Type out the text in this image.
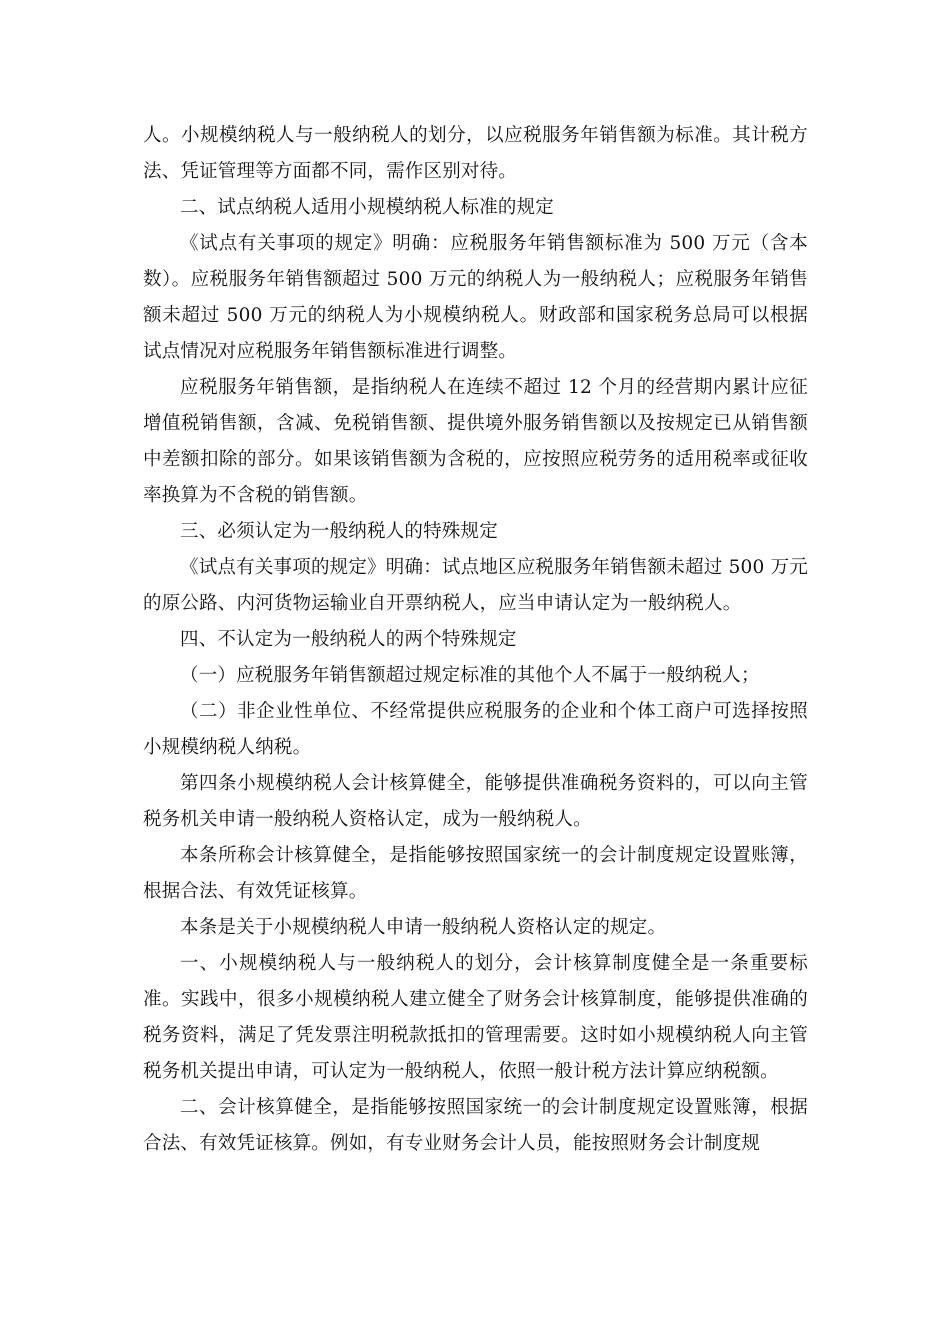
人。小规模纳税人与一般纳税人的划分，以应税服务年销售额为标准。其计税方法、凭证管理等方面都不同，需作区别对待。

二、试点纳税人适用小规模纳税人标准的规定

《试点有关事项的规定》明确：应税服务年销售额标准为 500 万元（含本数）。应税服务年销售额超过 500 万元的纳税人为一般纳税人；应税服务年销售额未超过 500 万元的纳税人为小规模纳税人。财政部和国家税务总局可以根据试点情况对应税服务年销售额标准进行调整。

应税服务年销售额，是指纳税人在连续不超过 12 个月的经营期内累计应征增值税销售额，含减、免税销售额、提供境外服务销售额以及按规定已从销售额中差额扣除的部分。如果该销售额为含税的，应按照应税劳务的适用税率或征收率换算为不含税的销售额。

三、必须认定为一般纳税人的特殊规定

《试点有关事项的规定》明确：试点地区应税服务年销售额未超过 500 万元的原公路、内河货物运输业自开票纳税人，应当申请认定为一般纳税人。

四、不认定为一般纳税人的两个特殊规定

（一）应税服务年销售额超过规定标准的其他个人不属于一般纳税人；

（二）非企业性单位、不经常提供应税服务的企业和个体工商户可选择按照小规模纳税人纳税。

第四条小规模纳税人会计核算健全，能够提供准确税务资料的，可以向主管税务机关申请一般纳税人资格认定，成为一般纳税人。

本条所称会计核算健全，是指能够按照国家统一的会计制度规定设置账簿，根据合法、有效凭证核算。

本条是关于小规模纳税人申请一般纳税人资格认定的规定。

一、小规模纳税人与一般纳税人的划分，会计核算制度健全是一条重要标准。实践中，很多小规模纳税人建立健全了财务会计核算制度，能够提供准确的税务资料，满足了凭发票注明税款抵扣的管理需要。这时如小规模纳税人向主管税务机关提出申请，可认定为一般纳税人，依照一般计税方法计算应纳税额。

二、会计核算健全，是指能够按照国家统一的会计制度规定设置账簿，根据合法、有效凭证核算。例如，有专业财务会计人员，能按照财务会计制度规
